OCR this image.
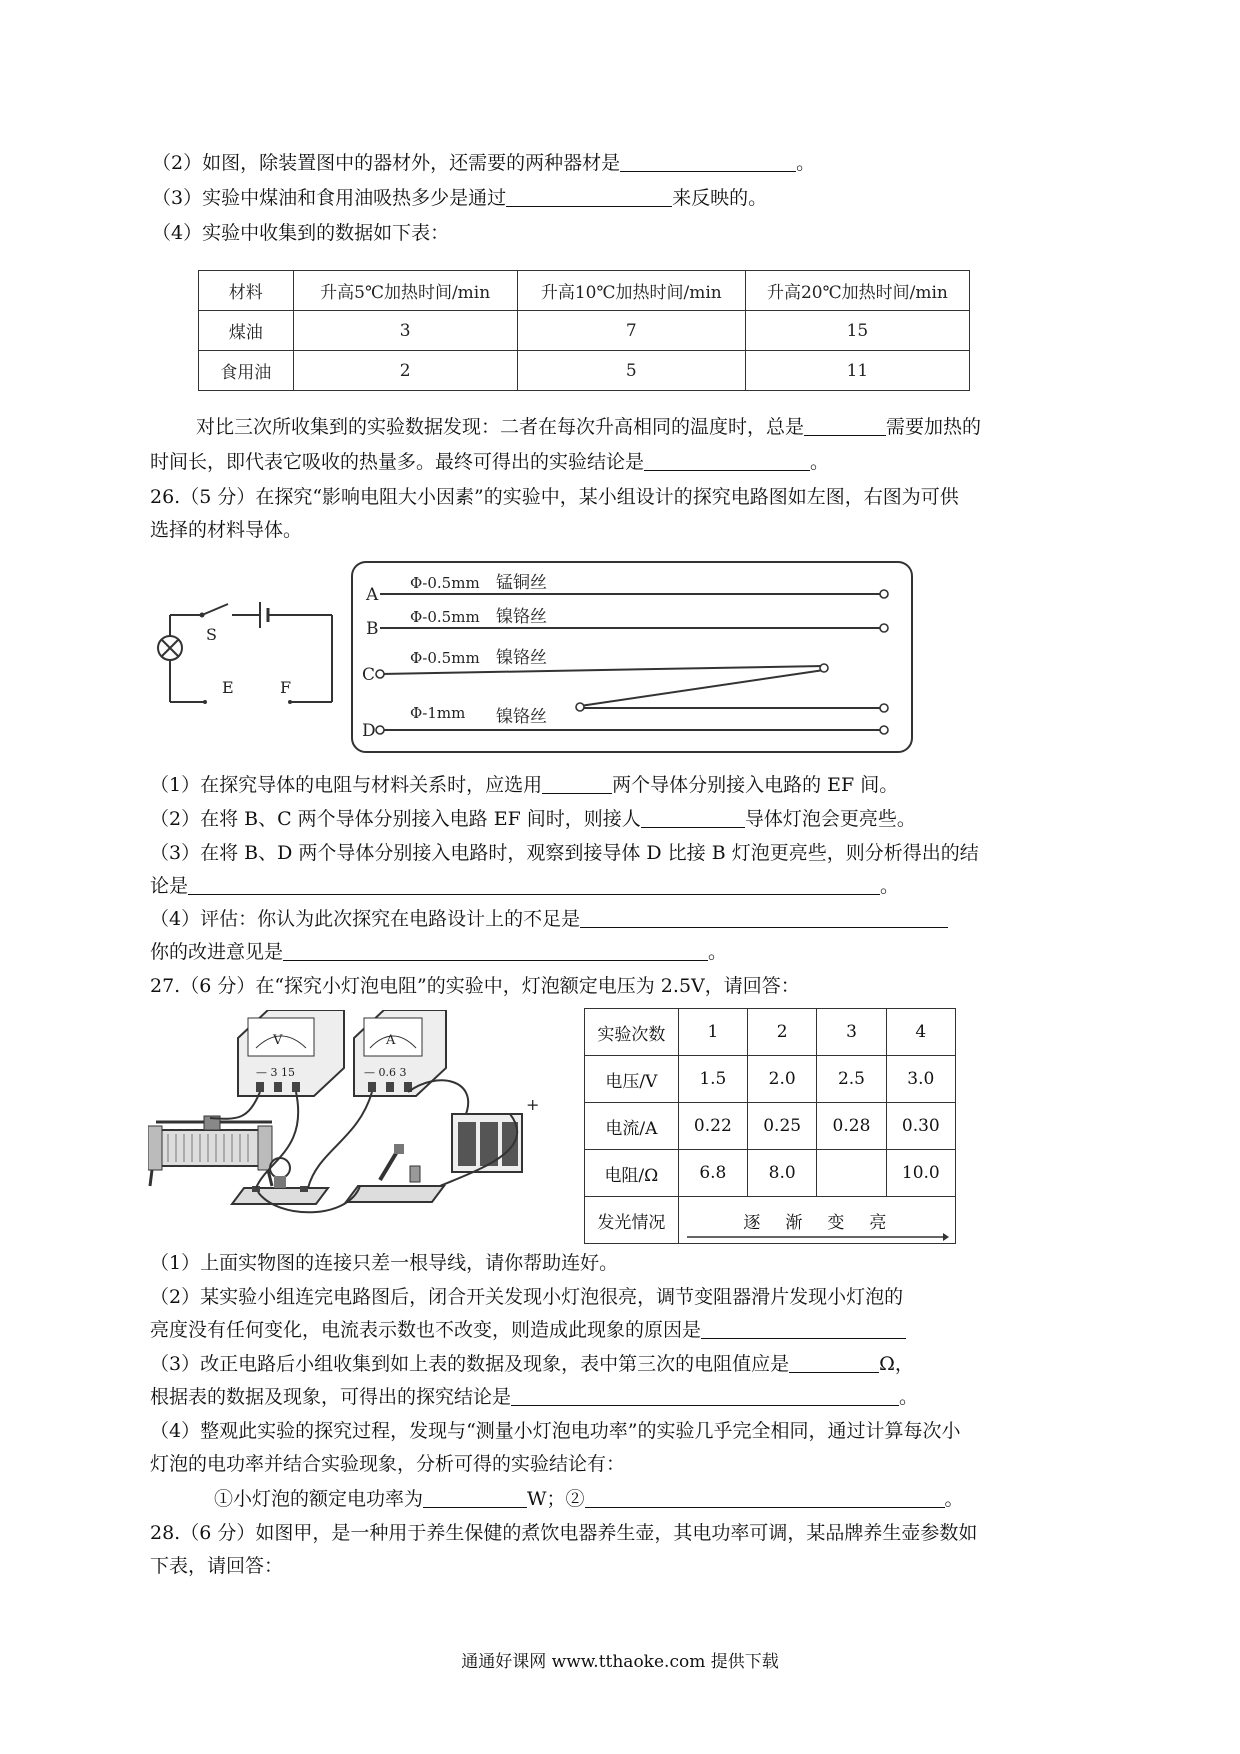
（2）如图，除装置图中的器材外，还需要的两种器材是	。
（3）实验中煤油和食用油吸热多少是通过	来反映的。
（4）实验中收集到的数据如下表：
材料	升高5℃加热时间/min	升高10℃加热时间/min	升高20℃加热时间/min
煤油	3	7	15
食用油	2	5	11
对比三次所收集到的实验数据发现：二者在每次升高相同的温度时，总是	需要加热的
时间长，即代表它吸收的热量多。最终可得出的实验结论是	。
26.（5 分）在探究“影响电阻大小因素”的实验中，某小组设计的探究电路图如左图，右图为可供
选择的材料导体。
S
E	F
A
Φ-0.5mm 锰铜丝
B
Φ-0.5mm 镍铬丝
C
Φ-0.5mm 镍铬丝
D
Φ-1mm 镍铬丝
（1）在探究导体的电阻与材料关系时，应选用	两个导体分别接入电路的 EF 间。
（2）在将 B、C 两个导体分别接入电路 EF 间时，则接人	导体灯泡会更亮些。
（3）在将 B、D 两个导体分别接入电路时，观察到接导体 D 比接 B 灯泡更亮些，则分析得出的结
论是	。
（4）评估：你认为此次探究在电路设计上的不足是
你的改进意见是	。
27.（6 分）在“探究小灯泡电阻”的实验中，灯泡额定电压为 2.5V，请回答：
V
— 3 15
A
— 0.6 3
+
实验次数	1	2	3	4
电压/V	1.5	2.0	2.5	3.0
电流/A	0.22	0.25	0.28	0.30
电阻/Ω	6.8	8.0		10.0
发光情况	逐　渐　变　亮			
（1）上面实物图的连接只差一根导线，请你帮助连好。
（2）某实验小组连完电路图后，闭合开关发现小灯泡很亮，调节变阻器滑片发现小灯泡的
亮度没有任何变化，电流表示数也不改变，则造成此现象的原因是
（3）改正电路后小组收集到如上表的数据及现象，表中第三次的电阻值应是	Ω，
根据表的数据及现象，可得出的探究结论是	。
（4）整观此实验的探究过程，发现与“测量小灯泡电功率”的实验几乎完全相同，通过计算每次小
灯泡的电功率并结合实验现象，分析可得的实验结论有：
①小灯泡的额定电功率为	W；②	。
28.（6 分）如图甲，是一种用于养生保健的煮饮电器养生壶，其电功率可调，某品牌养生壶参数如
下表，请回答：
通通好课网 www.tthaoke.com 提供下载
